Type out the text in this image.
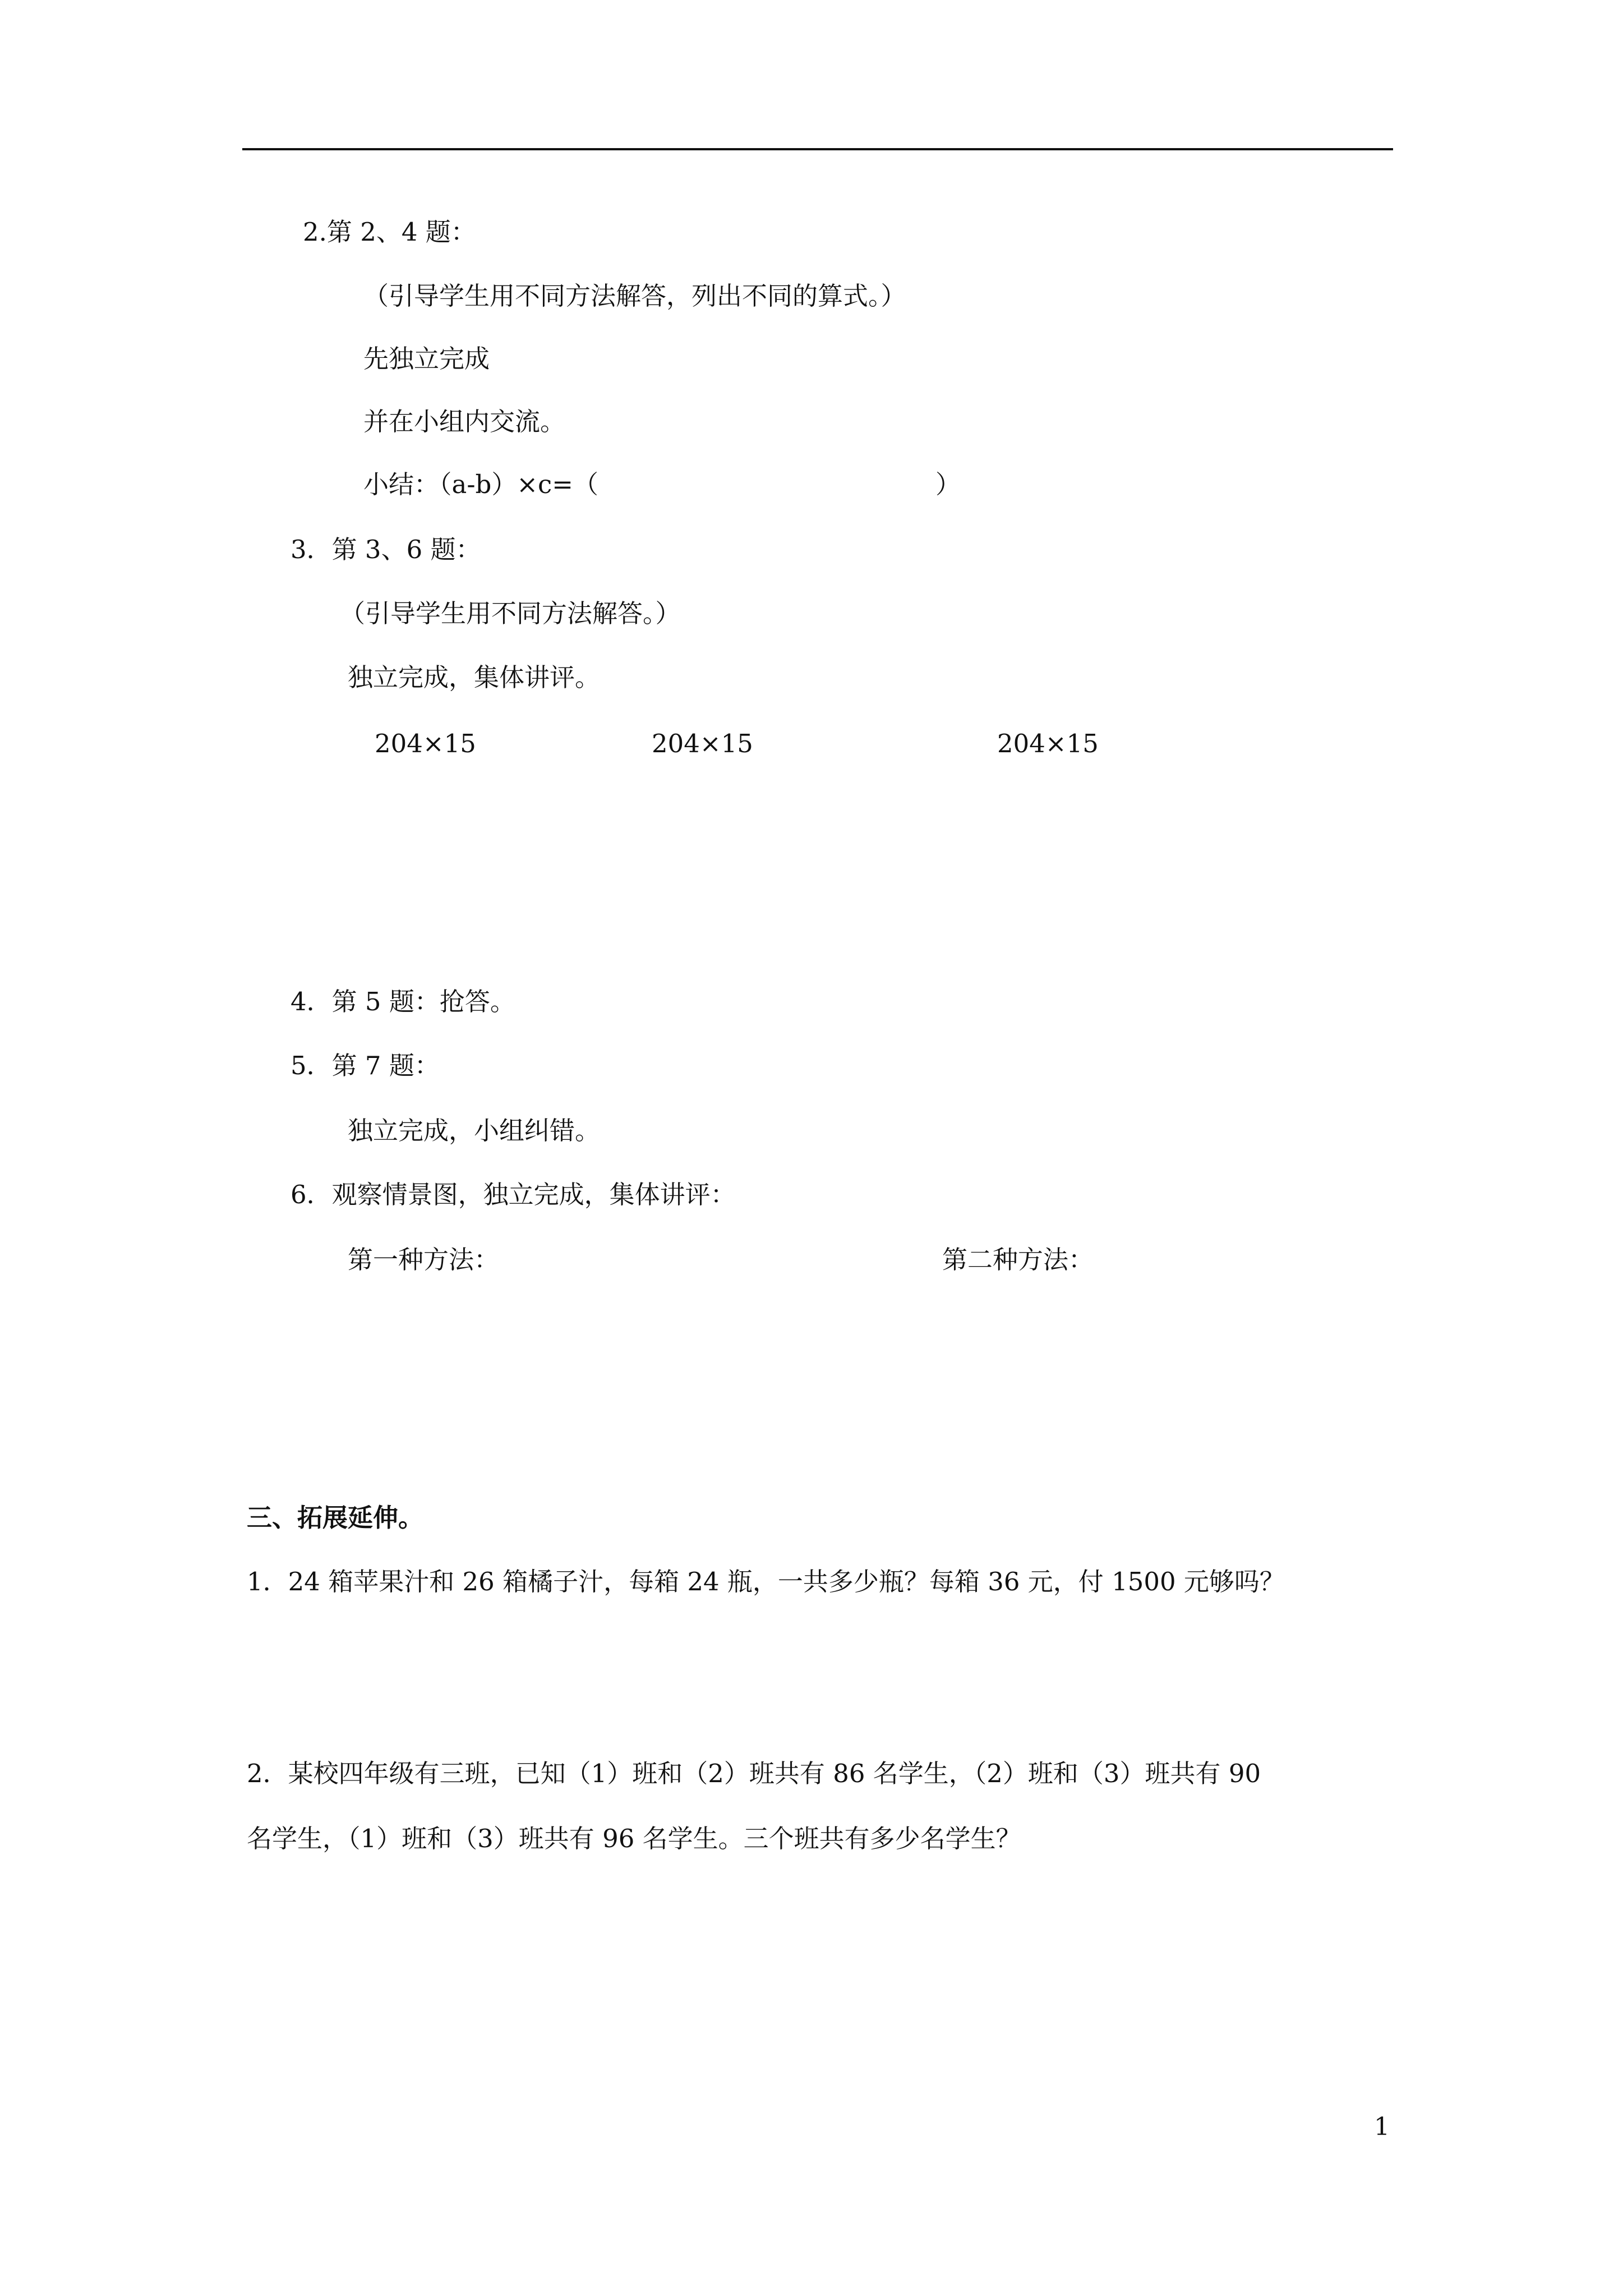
2.第 2、4 题：
（引导学生用不同方法解答，列出不同的算式。）
先独立完成
并在小组内交流。
小结：（a-b）×c=（	）
3．第 3、6 题：
（引导学生用不同方法解答。）
独立完成，集体讲评。
204×15	204×15	204×15
4．第 5 题：抢答。
5．第 7 题：
独立完成，小组纠错。
6．观察情景图，独立完成，集体讲评：
第一种方法：	第二种方法：
三、拓展延伸。
1．24 箱苹果汁和 26 箱橘子汁，每箱 24 瓶，一共多少瓶？每箱 36 元，付 1500 元够吗？
2．某校四年级有三班，已知（1）班和（2）班共有 86 名学生，（2）班和（3）班共有 90
名学生，（1）班和（3）班共有 96 名学生。三个班共有多少名学生？
1
